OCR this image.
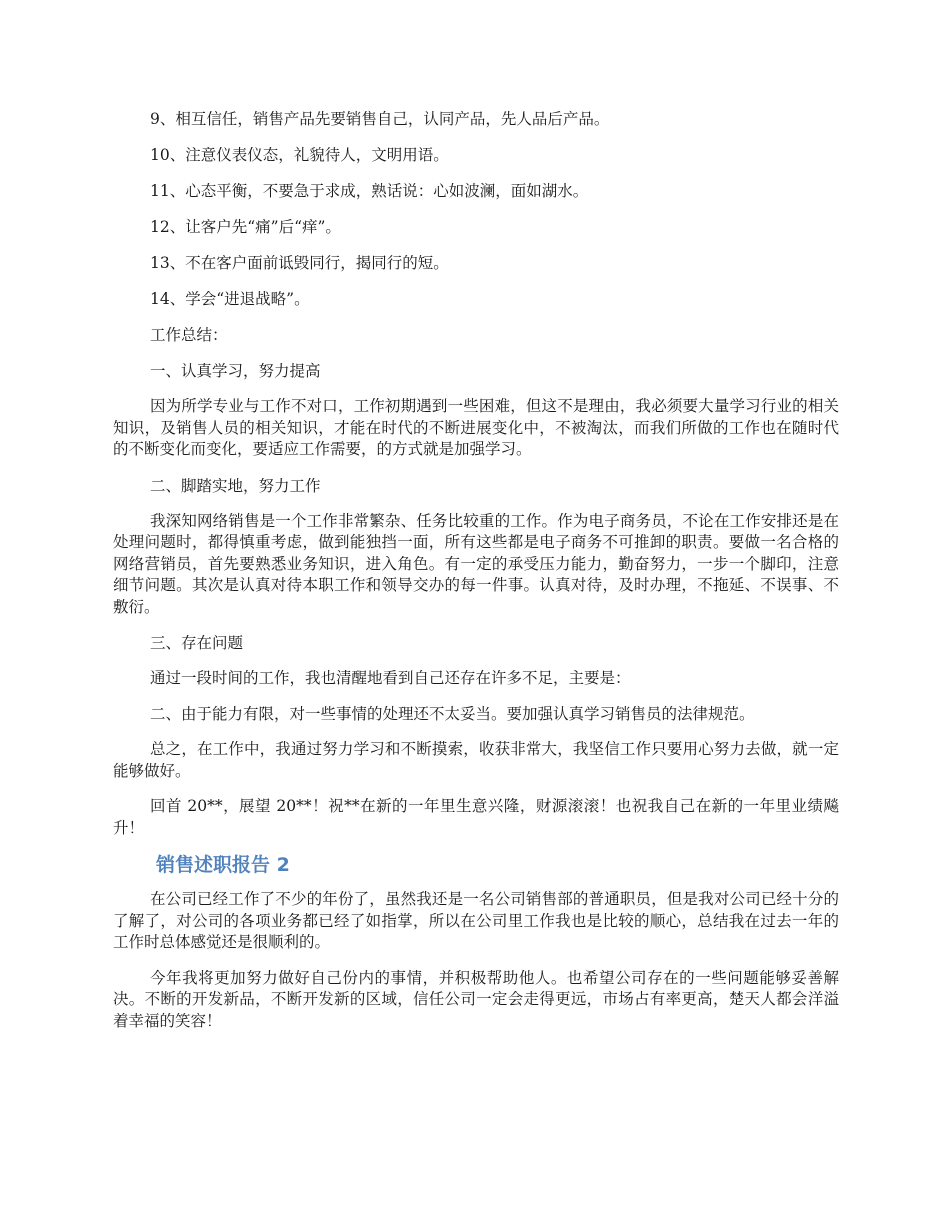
9、相互信任，销售产品先要销售自己，认同产品，先人品后产品。

10、注意仪表仪态，礼貌待人，文明用语。

11、心态平衡，不要急于求成，熟话说：心如波澜，面如湖水。

12、让客户先“痛”后“痒”。

13、不在客户面前诋毁同行，揭同行的短。

14、学会“进退战略”。

工作总结：

一、认真学习，努力提高

因为所学专业与工作不对口，工作初期遇到一些困难，但这不是理由，我必须要大量学习行业的相关知识，及销售人员的相关知识，才能在时代的不断进展变化中，不被淘汰，而我们所做的工作也在随时代的不断变化而变化，要适应工作需要，的方式就是加强学习。

二、脚踏实地，努力工作

我深知网络销售是一个工作非常繁杂、任务比较重的工作。作为电子商务员，不论在工作安排还是在处理问题时，都得慎重考虑，做到能独挡一面，所有这些都是电子商务不可推卸的职责。要做一名合格的网络营销员，首先要熟悉业务知识，进入角色。有一定的承受压力能力，勤奋努力，一步一个脚印，注意细节问题。其次是认真对待本职工作和领导交办的每一件事。认真对待，及时办理，不拖延、不误事、不敷衍。

三、存在问题

通过一段时间的工作，我也清醒地看到自己还存在许多不足，主要是：

二、由于能力有限，对一些事情的处理还不太妥当。要加强认真学习销售员的法律规范。

总之，在工作中，我通过努力学习和不断摸索，收获非常大，我坚信工作只要用心努力去做，就一定能够做好。

回首 20**，展望 20**！祝**在新的一年里生意兴隆，财源滚滚！也祝我自己在新的一年里业绩飚升！

销售述职报告 2

在公司已经工作了不少的年份了，虽然我还是一名公司销售部的普通职员，但是我对公司已经十分的了解了，对公司的各项业务都已经了如指掌，所以在公司里工作我也是比较的顺心，总结我在过去一年的工作时总体感觉还是很顺利的。

今年我将更加努力做好自己份内的事情，并积极帮助他人。也希望公司存在的一些问题能够妥善解决。不断的开发新品，不断开发新的区域，信任公司一定会走得更远，市场占有率更高，楚天人都会洋溢着幸福的笑容！
